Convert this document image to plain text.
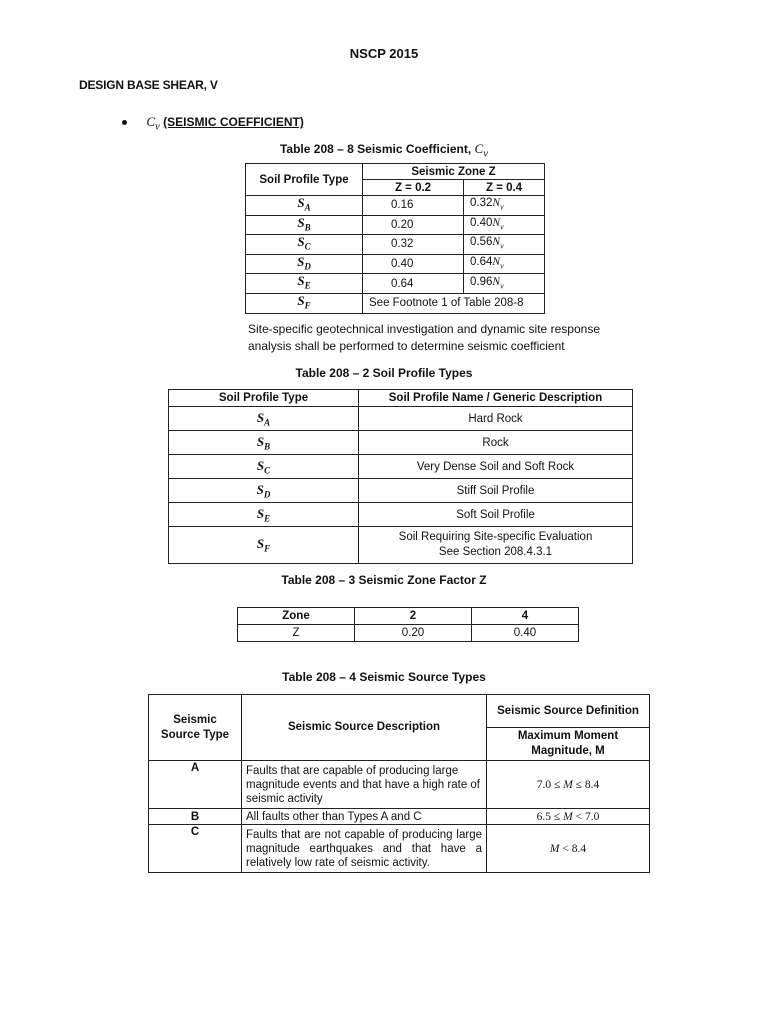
NSCP 2015
DESIGN BASE SHEAR, V
$C_v$ (SEISMIC COEFFICIENT)
Table 208 – 8 Seismic Coefficient, $C_v$
Soil Profile Type	Seismic Zone Z	
	Z = 0.2	Z = 0.4
$S_A$	0.16	$0.32N_v$
$S_B$	0.20	$0.40N_v$
$S_C$	0.32	$0.56N_v$
$S_D$	0.40	$0.64N_v$
$S_E$	0.64	$0.96N_v$
$S_F$	See Footnote 1 of Table 208-8	
Site-specific geotechnical investigation and dynamic site response analysis shall be performed to determine seismic coefficient
Table 208 – 2 Soil Profile Types
Soil Profile Type	Soil Profile Name / Generic Description
$S_A$	Hard Rock
$S_B$	Rock
$S_C$	Very Dense Soil and Soft Rock
$S_D$	Stiff Soil Profile
$S_E$	Soft Soil Profile
$S_F$	Soil Requiring Site-specific Evaluation See Section 208.4.3.1
Table 208 – 3 Seismic Zone Factor Z
Zone	2	4
Z	0.20	0.40
Table 208 – 4 Seismic Source Types
Seismic Source Type	Seismic Source Description	Seismic Source Definition
		Maximum Moment Magnitude, M
A	Faults that are capable of producing large magnitude events and that have a high rate of seismic activity	7.0 ≤ M ≤ 8.4
B	All faults other than Types A and C	6.5 ≤ M < 7.0
C	Faults that are not capable of producing large magnitude earthquakes and that have a relatively low rate of seismic activity.	M < 8.4
